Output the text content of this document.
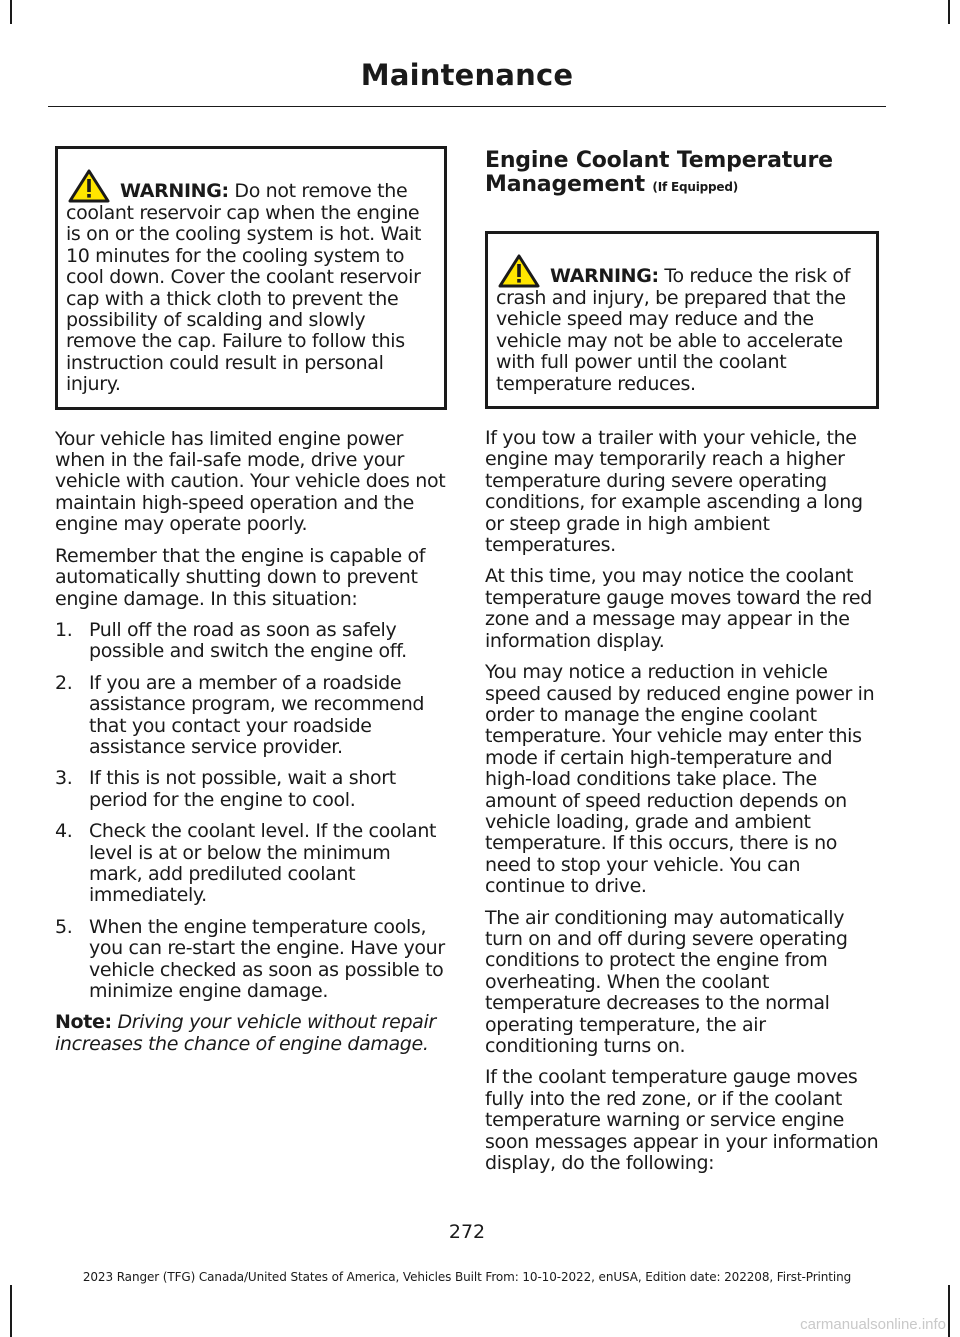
Maintenance
WARNING: Do not remove the coolant reservoir cap when the engine is on or the cooling system is hot. Wait 10 minutes for the cooling system to cool down. Cover the coolant reservoir cap with a thick cloth to prevent the possibility of scalding and slowly remove the cap. Failure to follow this instruction could result in personal injury.

Your vehicle has limited engine power when in the fail-safe mode, drive your vehicle with caution. Your vehicle does not maintain high-speed operation and the engine may operate poorly.

Remember that the engine is capable of automatically shutting down to prevent engine damage. In this situation:

1. Pull off the road as soon as safely possible and switch the engine off.
2. If you are a member of a roadside assistance program, we recommend that you contact your roadside assistance service provider.
3. If this is not possible, wait a short period for the engine to cool.
4. Check the coolant level. If the coolant level is at or below the minimum mark, add prediluted coolant immediately.
5. When the engine temperature cools, you can re-start the engine. Have your vehicle checked as soon as possible to minimize engine damage.

Note: Driving your vehicle without repair increases the chance of engine damage.

Engine Coolant Temperature Management (If Equipped)
WARNING: To reduce the risk of crash and injury, be prepared that the vehicle speed may reduce and the vehicle may not be able to accelerate with full power until the coolant temperature reduces.

If you tow a trailer with your vehicle, the engine may temporarily reach a higher temperature during severe operating conditions, for example ascending a long or steep grade in high ambient temperatures.

At this time, you may notice the coolant temperature gauge moves toward the red zone and a message may appear in the information display.

You may notice a reduction in vehicle speed caused by reduced engine power in order to manage the engine coolant temperature. Your vehicle may enter this mode if certain high-temperature and high-load conditions take place. The amount of speed reduction depends on vehicle loading, grade and ambient temperature. If this occurs, there is no need to stop your vehicle. You can continue to drive.

The air conditioning may automatically turn on and off during severe operating conditions to protect the engine from overheating. When the coolant temperature decreases to the normal operating temperature, the air conditioning turns on.

If the coolant temperature gauge moves fully into the red zone, or if the coolant temperature warning or service engine soon messages appear in your information display, do the following:

272
2023 Ranger (TFG) Canada/United States of America, Vehicles Built From: 10-10-2022, enUSA, Edition date: 202208, First-Printing
carmanualsonline.info
